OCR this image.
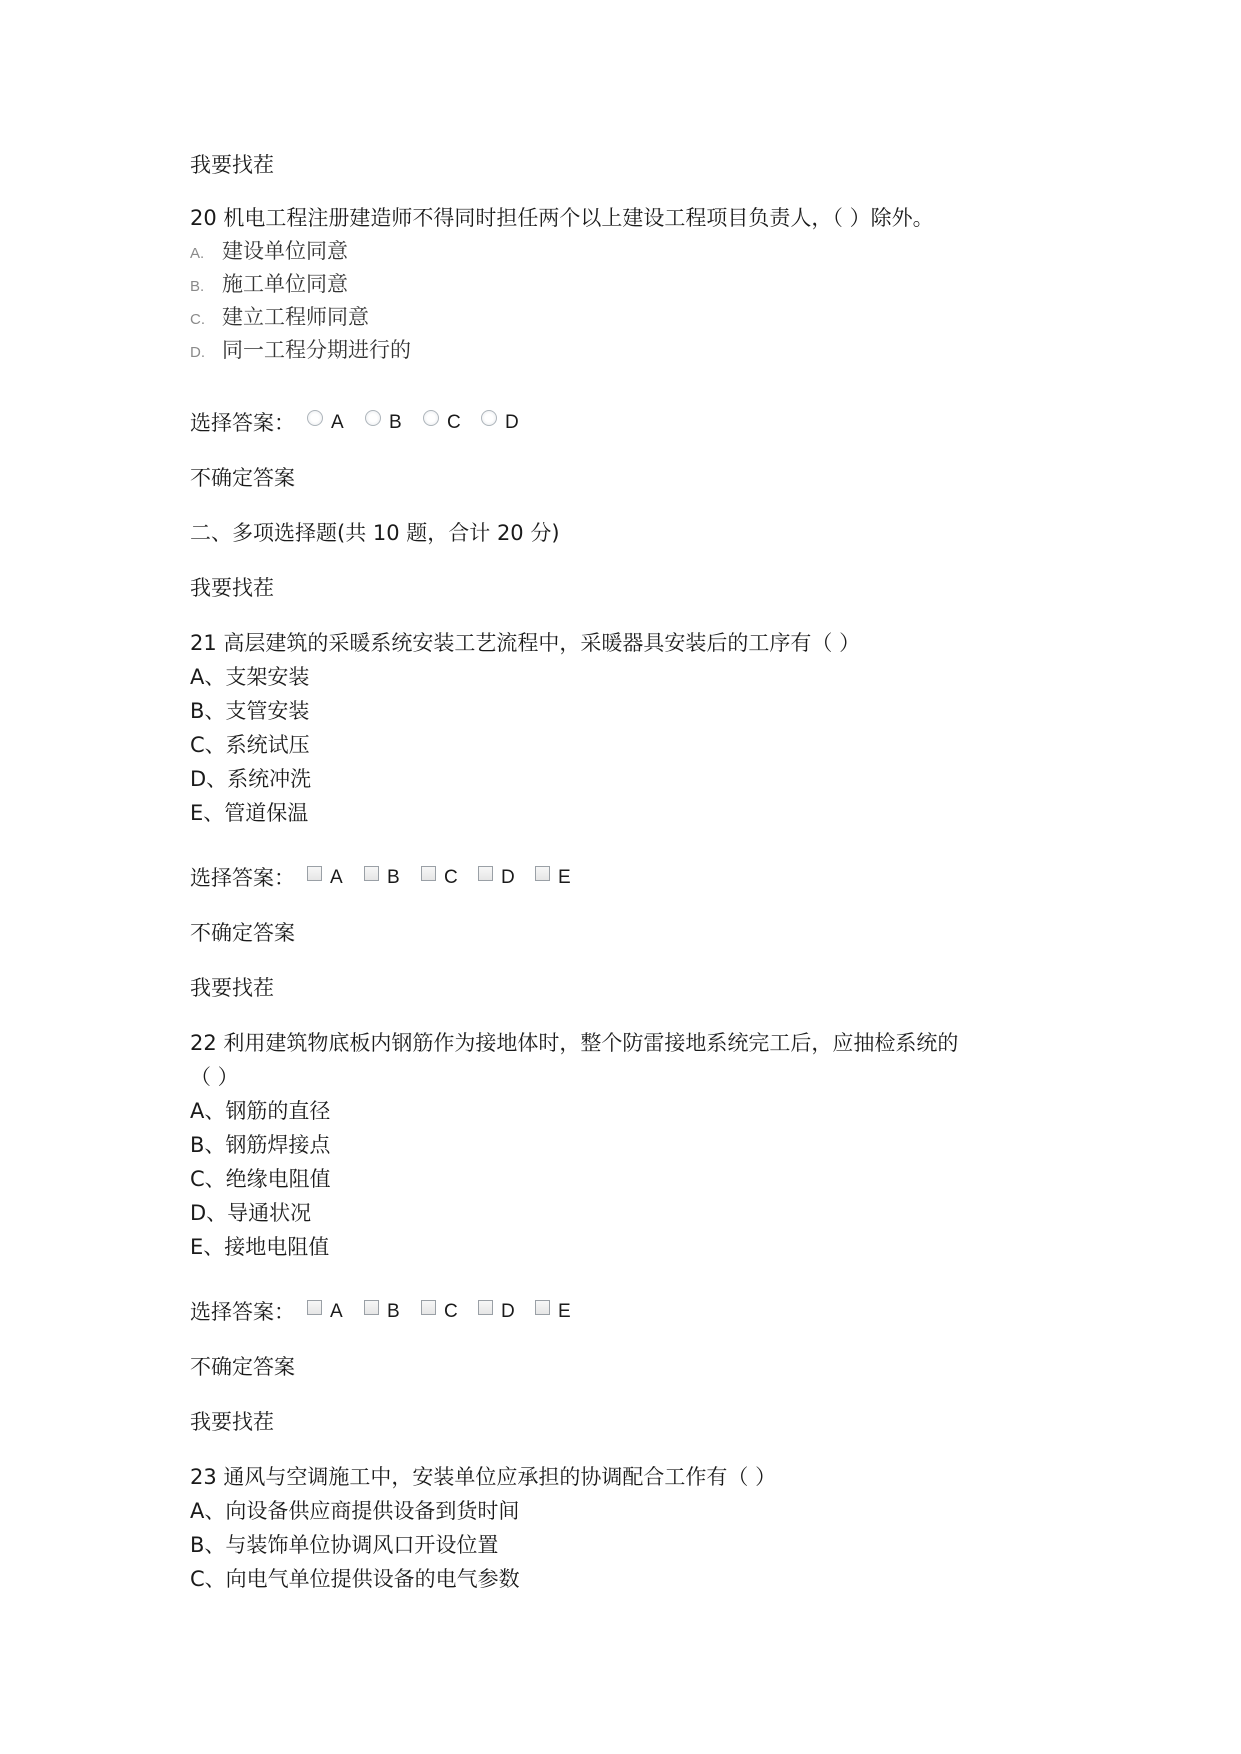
我要找茬
20 机电工程注册建造师不得同时担任两个以上建设工程项目负责人，（ ）除外。
A. 建设单位同意
B. 施工单位同意
C. 建立工程师同意
D. 同一工程分期进行的
选择答案： A	B	C	D
不确定答案
二、多项选择题(共 10 题，合计 20 分)
我要找茬
21 高层建筑的采暖系统安装工艺流程中，采暖器具安装后的工序有（ ）
A、支架安装
B、支管安装
C、系统试压
D、系统冲洗
E、管道保温
选择答案： A	B	C	D	E
不确定答案
我要找茬
22 利用建筑物底板内钢筋作为接地体时，整个防雷接地系统完工后，应抽检系统的
（ ）
A、钢筋的直径
B、钢筋焊接点
C、绝缘电阻值
D、导通状况
E、接地电阻值
选择答案： A	B	C	D	E
不确定答案
我要找茬
23 通风与空调施工中，安装单位应承担的协调配合工作有（ ）
A、向设备供应商提供设备到货时间
B、与装饰单位协调风口开设位置
C、向电气单位提供设备的电气参数
